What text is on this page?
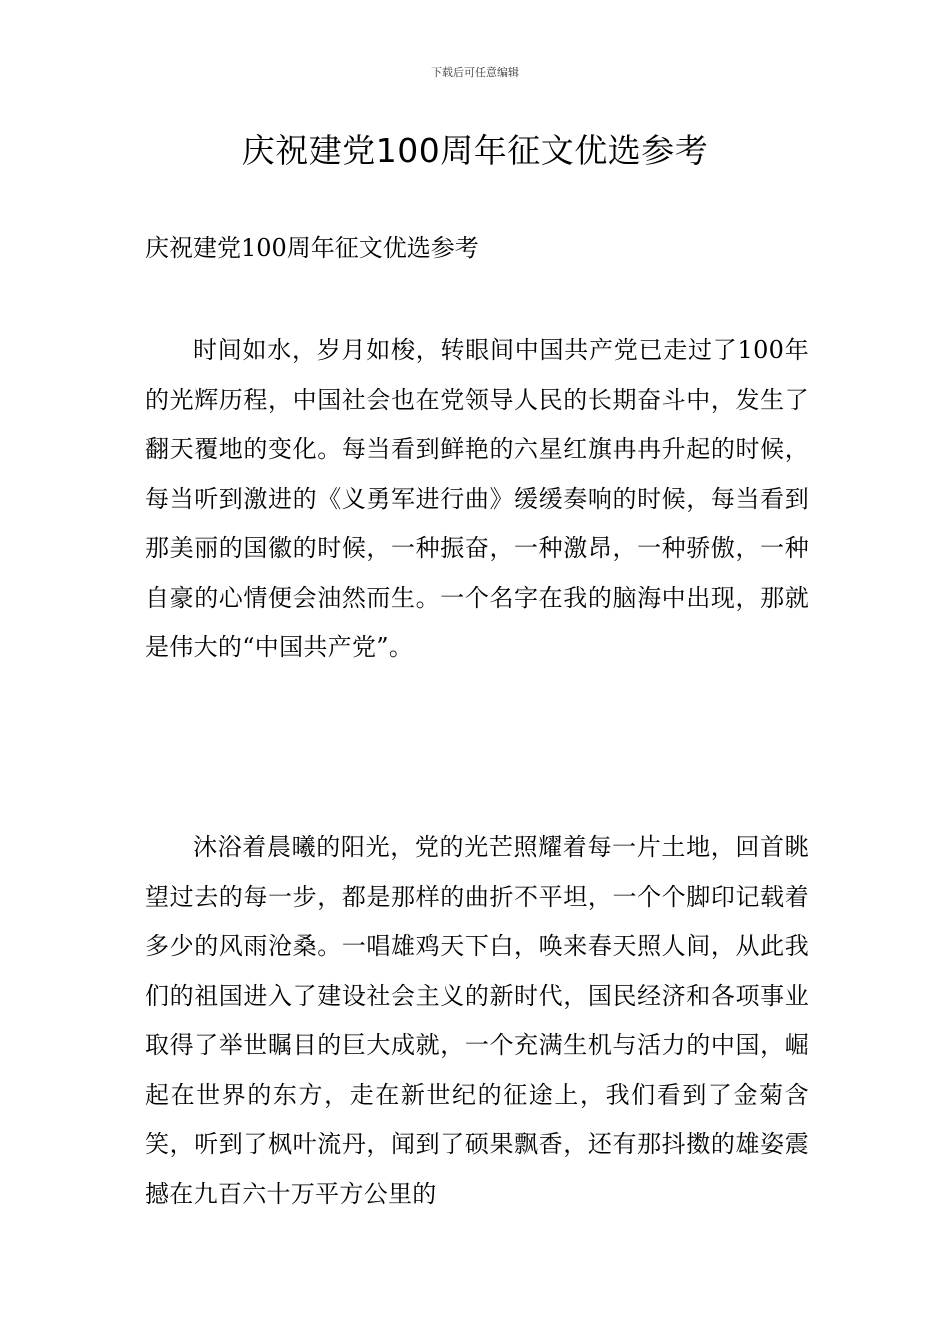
下载后可任意编辑
庆祝建党100周年征文优选参考

庆祝建党100周年征文优选参考

时间如水，岁月如梭，转眼间中国共产党已走过了100年的光辉历程，中国社会也在党领导人民的长期奋斗中，发生了翻天覆地的变化。每当看到鲜艳的六星红旗冉冉升起的时候，每当听到激进的《义勇军进行曲》缓缓奏响的时候，每当看到那美丽的国徽的时候，一种振奋，一种激昂，一种骄傲，一种自豪的心情便会油然而生。一个名字在我的脑海中出现，那就是伟大的“中国共产党”。

沐浴着晨曦的阳光，党的光芒照耀着每一片土地，回首眺望过去的每一步，都是那样的曲折不平坦，一个个脚印记载着多少的风雨沧桑。一唱雄鸡天下白，唤来春天照人间，从此我们的祖国进入了建设社会主义的新时代，国民经济和各项事业取得了举世瞩目的巨大成就，一个充满生机与活力的中国，崛起在世界的东方，走在新世纪的征途上，我们看到了金菊含笑，听到了枫叶流丹，闻到了硕果飘香，还有那抖擞的雄姿震撼在九百六十万平方公里的
